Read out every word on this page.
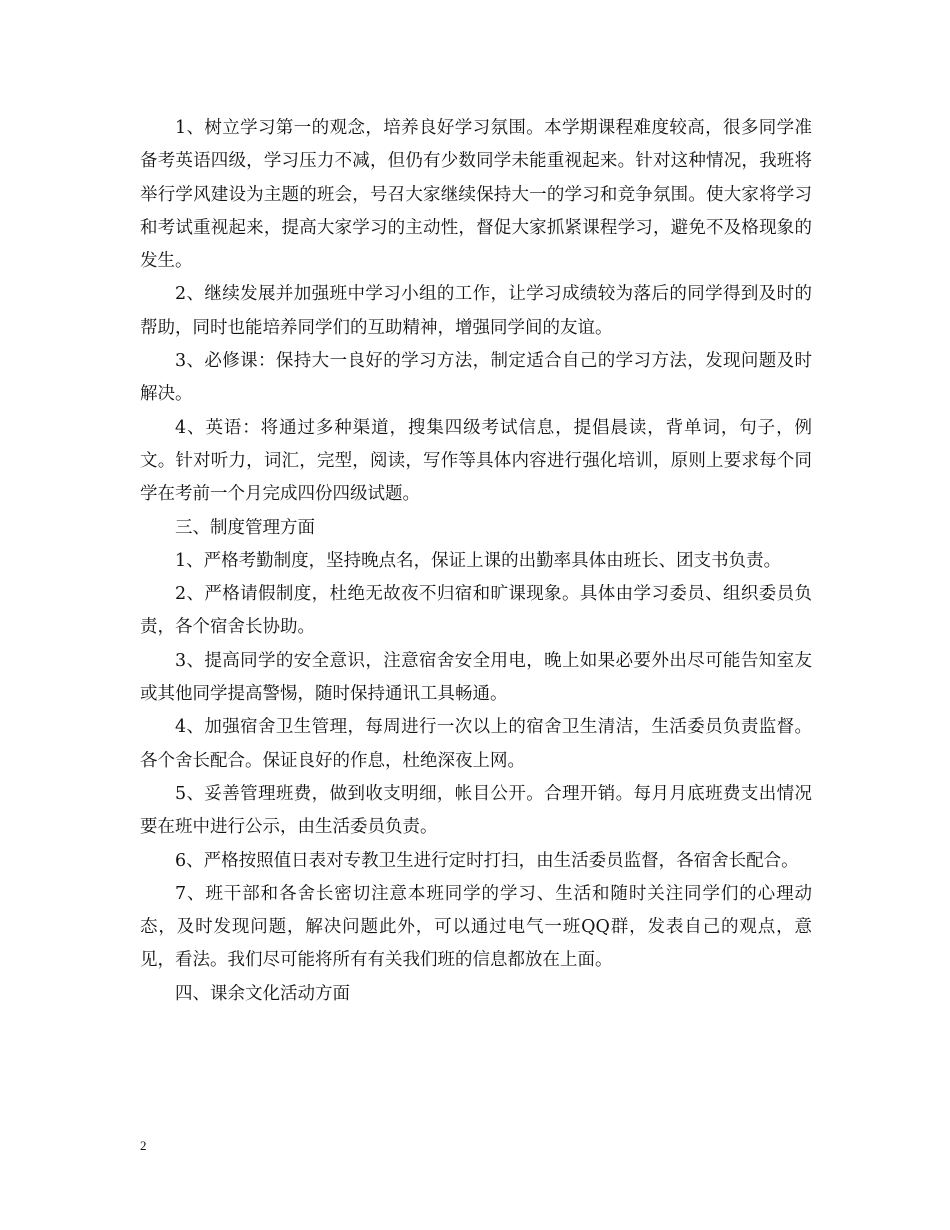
1、树立学习第一的观念，培养良好学习氛围。本学期课程难度较高，很多同学准备考英语四级，学习压力不减，但仍有少数同学未能重视起来。针对这种情况，我班将举行学风建设为主题的班会，号召大家继续保持大一的学习和竞争氛围。使大家将学习和考试重视起来，提高大家学习的主动性，督促大家抓紧课程学习，避免不及格现象的发生。

2、继续发展并加强班中学习小组的工作，让学习成绩较为落后的同学得到及时的帮助，同时也能培养同学们的互助精神，增强同学间的友谊。

3、必修课：保持大一良好的学习方法，制定适合自己的学习方法，发现问题及时解决。

4、英语：将通过多种渠道，搜集四级考试信息，提倡晨读，背单词，句子，例文。针对听力，词汇，完型，阅读，写作等具体内容进行强化培训，原则上要求每个同学在考前一个月完成四份四级试题。

三、制度管理方面

1、严格考勤制度，坚持晚点名，保证上课的出勤率具体由班长、团支书负责。

2、严格请假制度，杜绝无故夜不归宿和旷课现象。具体由学习委员、组织委员负责，各个宿舍长协助。

3、提高同学的安全意识，注意宿舍安全用电，晚上如果必要外出尽可能告知室友或其他同学提高警惕，随时保持通讯工具畅通。

4、加强宿舍卫生管理，每周进行一次以上的宿舍卫生清洁，生活委员负责监督。各个舍长配合。保证良好的作息，杜绝深夜上网。

5、妥善管理班费，做到收支明细，帐目公开。合理开销。每月月底班费支出情况要在班中进行公示，由生活委员负责。

6、严格按照值日表对专教卫生进行定时打扫，由生活委员监督，各宿舍长配合。

7、班干部和各舍长密切注意本班同学的学习、生活和随时关注同学们的心理动态，及时发现问题，解决问题此外，可以通过电气一班QQ群，发表自己的观点，意见，看法。我们尽可能将所有有关我们班的信息都放在上面。

四、课余文化活动方面

2
